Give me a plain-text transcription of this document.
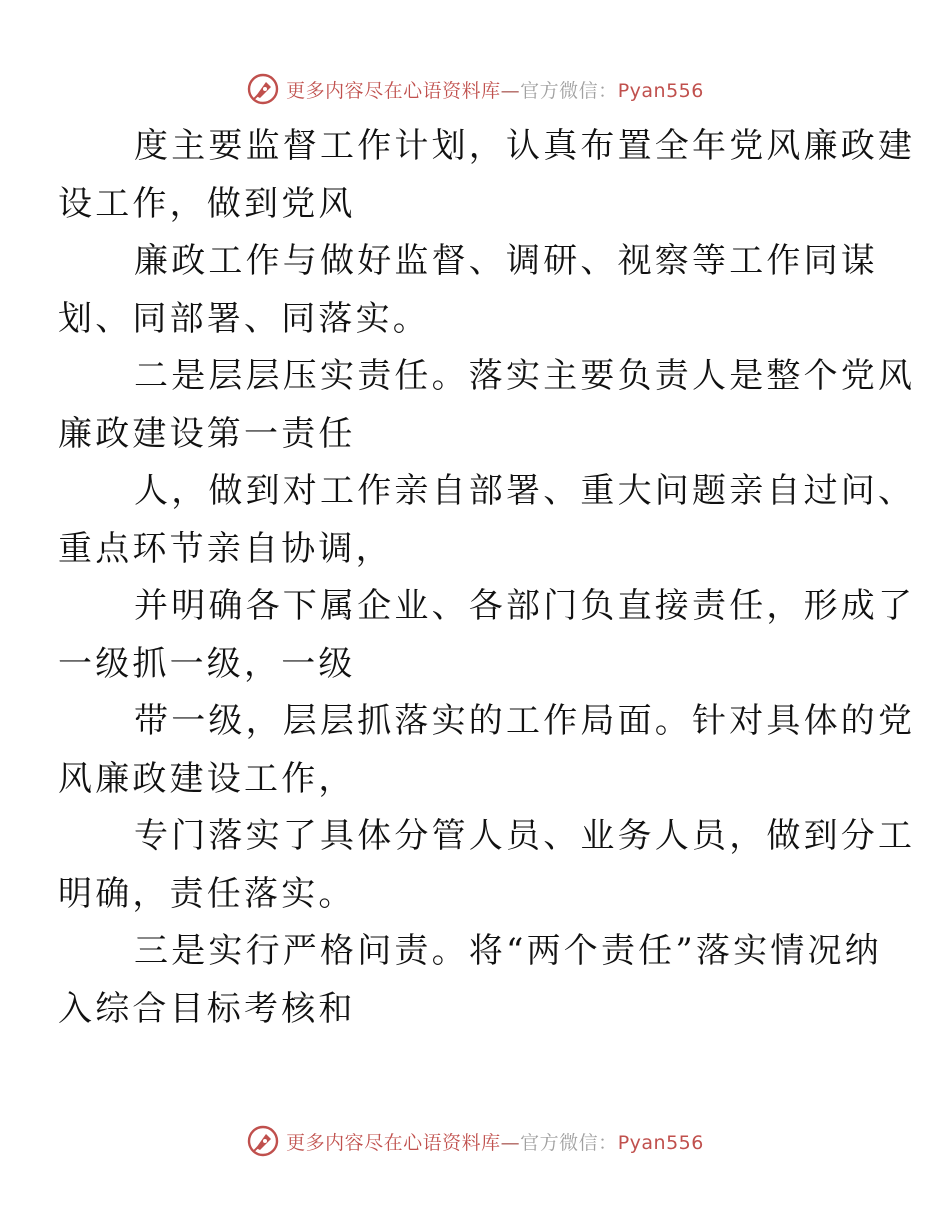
更多内容尽在心语资料库—官方微信：Pyan556

度主要监督工作计划，认真布置全年党风廉政建
设工作，做到党风

廉政工作与做好监督、调研、视察等工作同谋
划、同部署、同落实。

二是层层压实责任。落实主要负责人是整个党风
廉政建设第一责任

人，做到对工作亲自部署、重大问题亲自过问、
重点环节亲自协调，

并明确各下属企业、各部门负直接责任，形成了
一级抓一级，一级

带一级，层层抓落实的工作局面。针对具体的党
风廉政建设工作，

专门落实了具体分管人员、业务人员，做到分工
明确，责任落实。

三是实行严格问责。将“两个责任”落实情况纳
入综合目标考核和

更多内容尽在心语资料库—官方微信：Pyan556
